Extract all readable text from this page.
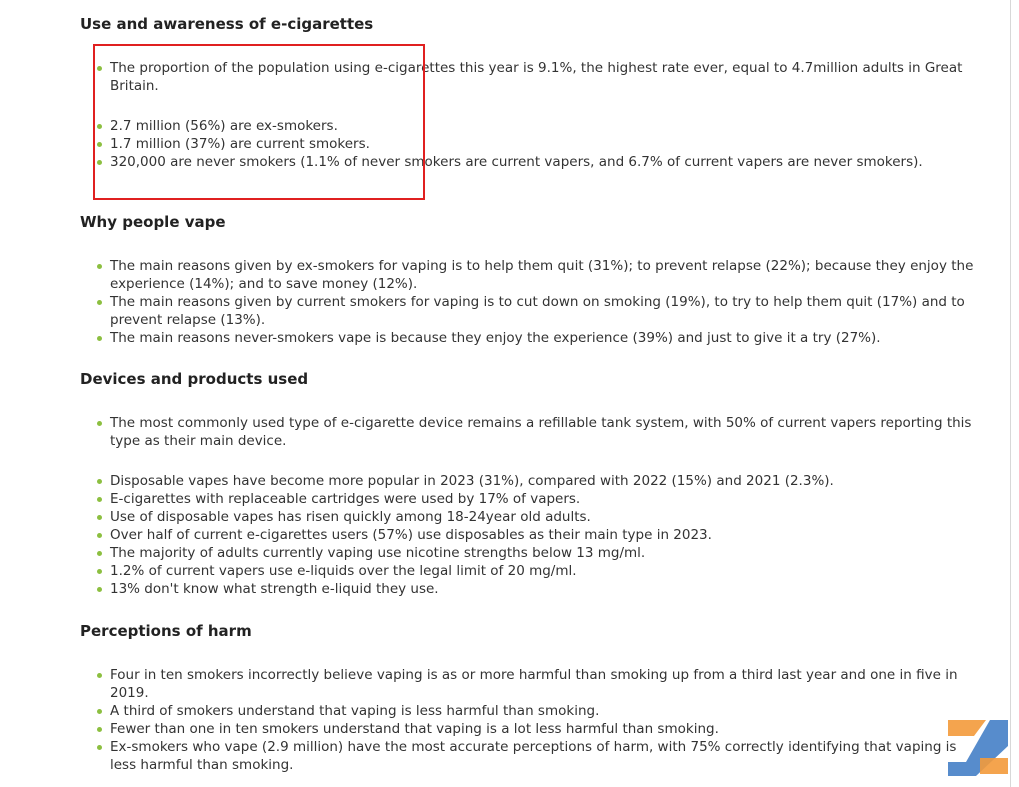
Use and awareness of e-cigarettes
The proportion of the population using e-cigarettes this year is 9.1%, the highest rate ever, equal to 4.7million adults in Great Britain.
2.7 million (56%) are ex-smokers.
1.7 million (37%) are current smokers.
320,000 are never smokers (1.1% of never smokers are current vapers, and 6.7% of current vapers are never smokers).
Why people vape
The main reasons given by ex-smokers for vaping is to help them quit (31%); to prevent relapse (22%); because they enjoy the experience (14%); and to save money (12%).
The main reasons given by current smokers for vaping is to cut down on smoking (19%), to try to help them quit (17%) and to prevent relapse (13%).
The main reasons never-smokers vape is because they enjoy the experience (39%) and just to give it a try (27%).
Devices and products used
The most commonly used type of e-cigarette device remains a refillable tank system, with 50% of current vapers reporting this type as their main device.
Disposable vapes have become more popular in 2023 (31%), compared with 2022 (15%) and 2021 (2.3%).
E-cigarettes with replaceable cartridges were used by 17% of vapers.
Use of disposable vapes has risen quickly among 18-24year old adults.
Over half of current e-cigarettes users (57%) use disposables as their main type in 2023.
The majority of adults currently vaping use nicotine strengths below 13 mg/ml.
1.2% of current vapers use e-liquids over the legal limit of 20 mg/ml.
13% don't know what strength e-liquid they use.
Perceptions of harm
Four in ten smokers incorrectly believe vaping is as or more harmful than smoking up from a third last year and one in five in 2019.
A third of smokers understand that vaping is less harmful than smoking.
Fewer than one in ten smokers understand that vaping is a lot less harmful than smoking.
Ex-smokers who vape (2.9 million) have the most accurate perceptions of harm, with 75% correctly identifying that vaping is less harmful than smoking.
